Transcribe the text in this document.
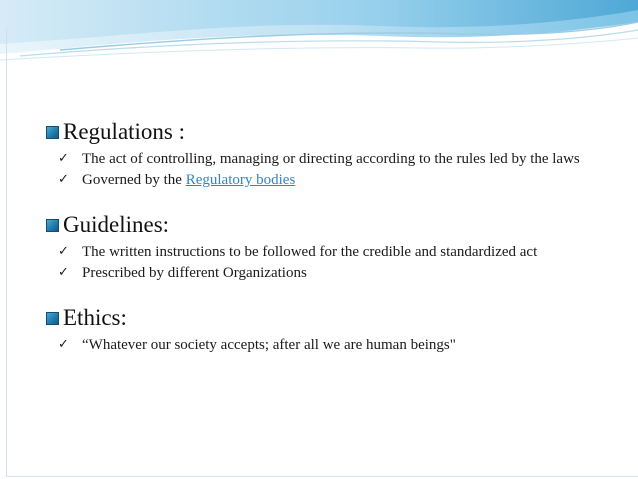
Regulations :
✓ The act of controlling, managing or directing according to the rules led by the laws
✓ Governed by the Regulatory bodies
Guidelines:
✓ The written instructions to be followed for the credible and standardized act
✓ Prescribed by different Organizations
Ethics:
✓ “Whatever our society accepts; after all we are human beings"
